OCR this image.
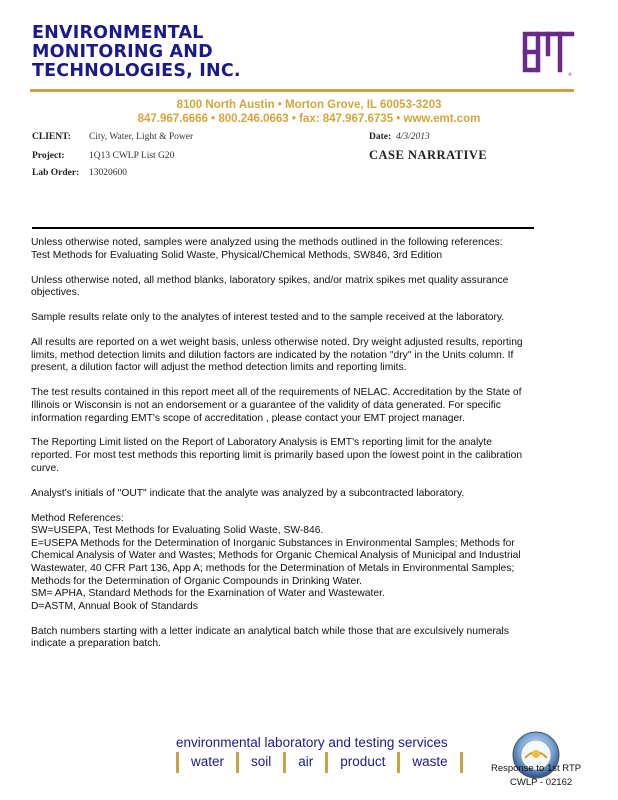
ENVIRONMENTAL
MONITORING AND
TECHNOLOGIES, INC.	®
8100 North Austin • Morton Grove, IL 60053-3203
847.967.6666 • 800.246.0663 • fax: 847.967.6735 • www.emt.com
CLIENT: City, Water, Light & Power
Project:	1Q13 CWLP List G20
Lab Order: 13020600
Date: 4/3/2013
CASE NARRATIVE

Unless otherwise noted, samples were analyzed using the methods outlined in the following references:
Test Methods for Evaluating Solid Waste, Physical/Chemical Methods, SW846, 3rd Edition

Unless otherwise noted, all method blanks, laboratory spikes, and/or matrix spikes met quality assurance objectives.

Sample results relate only to the analytes of interest tested and to the sample received at the laboratory.

All results are reported on a wet weight basis, unless otherwise noted. Dry weight adjusted results, reporting limits, method detection limits and dilution factors are indicated by the notation "dry" in the Units column. If present, a dilution factor will adjust the method detection limits and reporting limits.

The test results contained in this report meet all of the requirements of NELAC. Accreditation by the State of Illinois or Wisconsin is not an endorsement or a guarantee of the validity of data generated. For specific information regarding EMT's scope of accreditation , please contact your EMT project manager.

The Reporting Limit listed on the Report of Laboratory Analysis is EMT's reporting limit for the analyte reported. For most test methods this reporting limit is primarily based upon the lowest point in the calibration curve.

Analyst's initials of "OUT" indicate that the analyte was analyzed by a subcontracted laboratory.

Method References:
SW=USEPA, Test Methods for Evaluating Solid Waste, SW-846.
E=USEPA Methods for the Determination of Inorganic Substances in Environmental Samples; Methods for Chemical Analysis of Water and Wastes; Methods for Organic Chemical Analysis of Municipal and Industrial Wastewater, 40 CFR Part 136, App A; methods for the Determination of Metals in Environmental Samples; Methods for the Determination of Organic Compounds in Drinking Water.
SM= APHA, Standard Methods for the Examination of Water and Wastewater.
D=ASTM, Annual Book of Standards

Batch numbers starting with a letter indicate an analytical batch while those that are exculsively numerals indicate a preparation batch.

environmental laboratory and testing services
water	soil	air	product	waste	Response to 1st RTP
CWLP - 02162
